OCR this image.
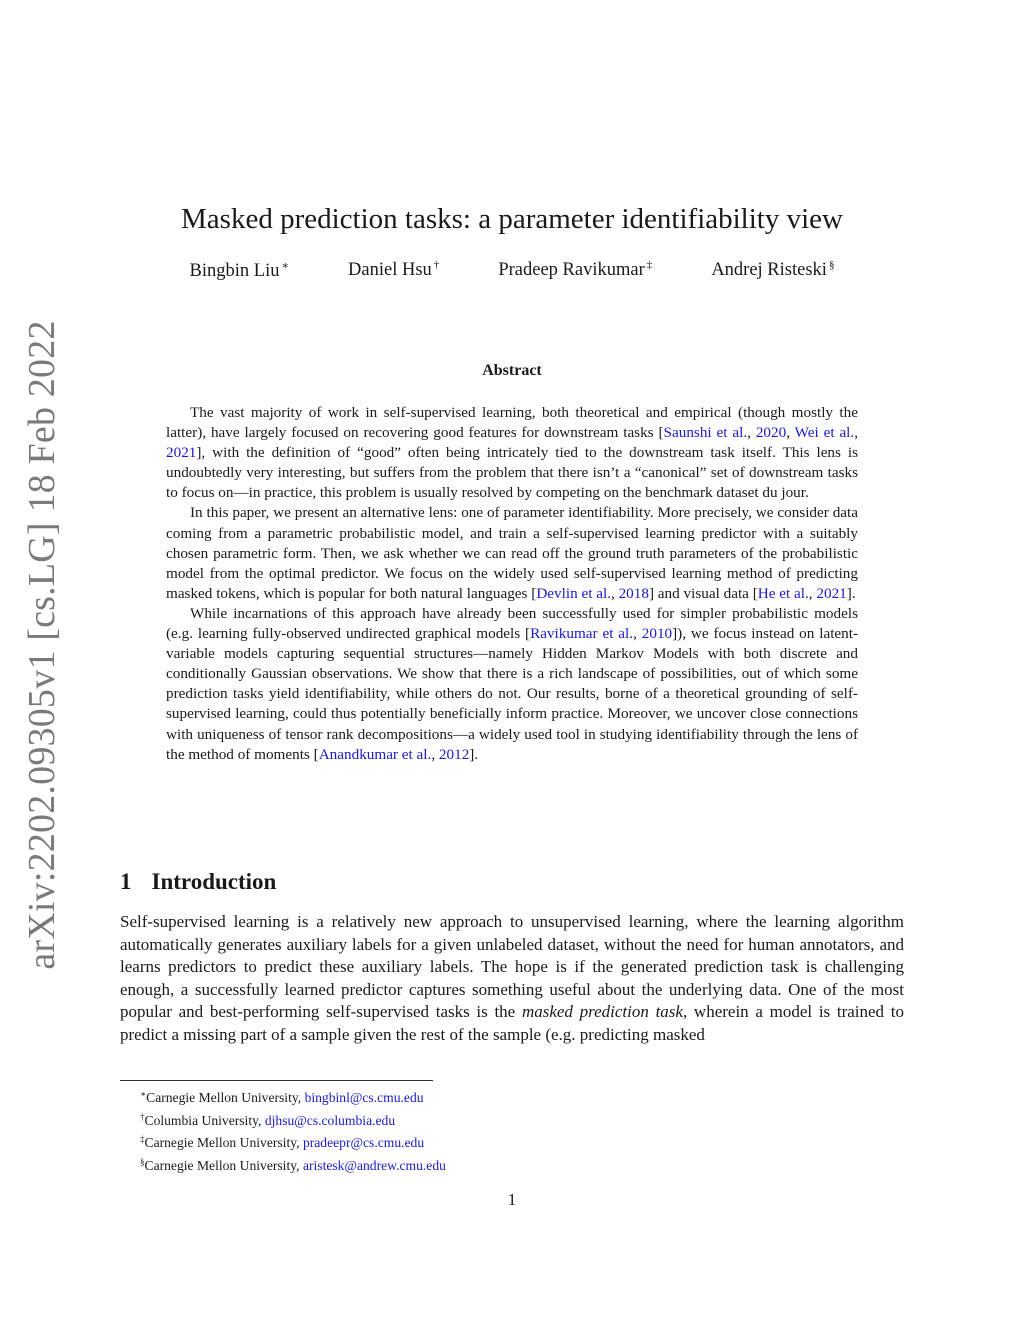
arXiv:2202.09305v1 [cs.LG] 18 Feb 2022
Masked prediction tasks: a parameter identifiability view
Bingbin Liu ∗	Daniel Hsu †	Pradeep Ravikumar ‡	Andrej Risteski §
Abstract

The vast majority of work in self-supervised learning, both theoretical and empirical (though mostly the latter), have largely focused on recovering good features for downstream tasks [Saunshi et al., 2020, Wei et al., 2021], with the definition of “good” often being intricately tied to the downstream task itself. This lens is undoubtedly very interesting, but suffers from the problem that there isn’t a “canonical” set of downstream tasks to focus on—in practice, this problem is usually resolved by competing on the benchmark dataset du jour.

In this paper, we present an alternative lens: one of parameter identifiability. More precisely, we consider data coming from a parametric probabilistic model, and train a self-supervised learning predictor with a suitably chosen parametric form. Then, we ask whether we can read off the ground truth parameters of the probabilistic model from the optimal predictor. We focus on the widely used self-supervised learning method of predicting masked tokens, which is popular for both natural languages [Devlin et al., 2018] and visual data [He et al., 2021].

While incarnations of this approach have already been successfully used for simpler probabilistic models (e.g. learning fully-observed undirected graphical models [Ravikumar et al., 2010]), we focus instead on latent-variable models capturing sequential structures—namely Hidden Markov Models with both discrete and conditionally Gaussian observations. We show that there is a rich landscape of possibilities, out of which some prediction tasks yield identifiability, while others do not. Our results, borne of a theoretical grounding of self-supervised learning, could thus potentially beneficially inform practice. Moreover, we uncover close connections with uniqueness of tensor rank decompositions—a widely used tool in studying identifiability through the lens of the method of moments [Anandkumar et al., 2012].

1 Introduction

Self-supervised learning is a relatively new approach to unsupervised learning, where the learning algorithm automatically generates auxiliary labels for a given unlabeled dataset, without the need for human annotators, and learns predictors to predict these auxiliary labels. The hope is if the generated prediction task is challenging enough, a successfully learned predictor captures something useful about the underlying data. One of the most popular and best-performing self-supervised tasks is the masked prediction task, wherein a model is trained to predict a missing part of a sample given the rest of the sample (e.g. predicting masked

∗Carnegie Mellon University, bingbinl@cs.cmu.edu
†Columbia University, djhsu@cs.columbia.edu
‡Carnegie Mellon University, pradeepr@cs.cmu.edu
§Carnegie Mellon University, aristesk@andrew.cmu.edu
1
